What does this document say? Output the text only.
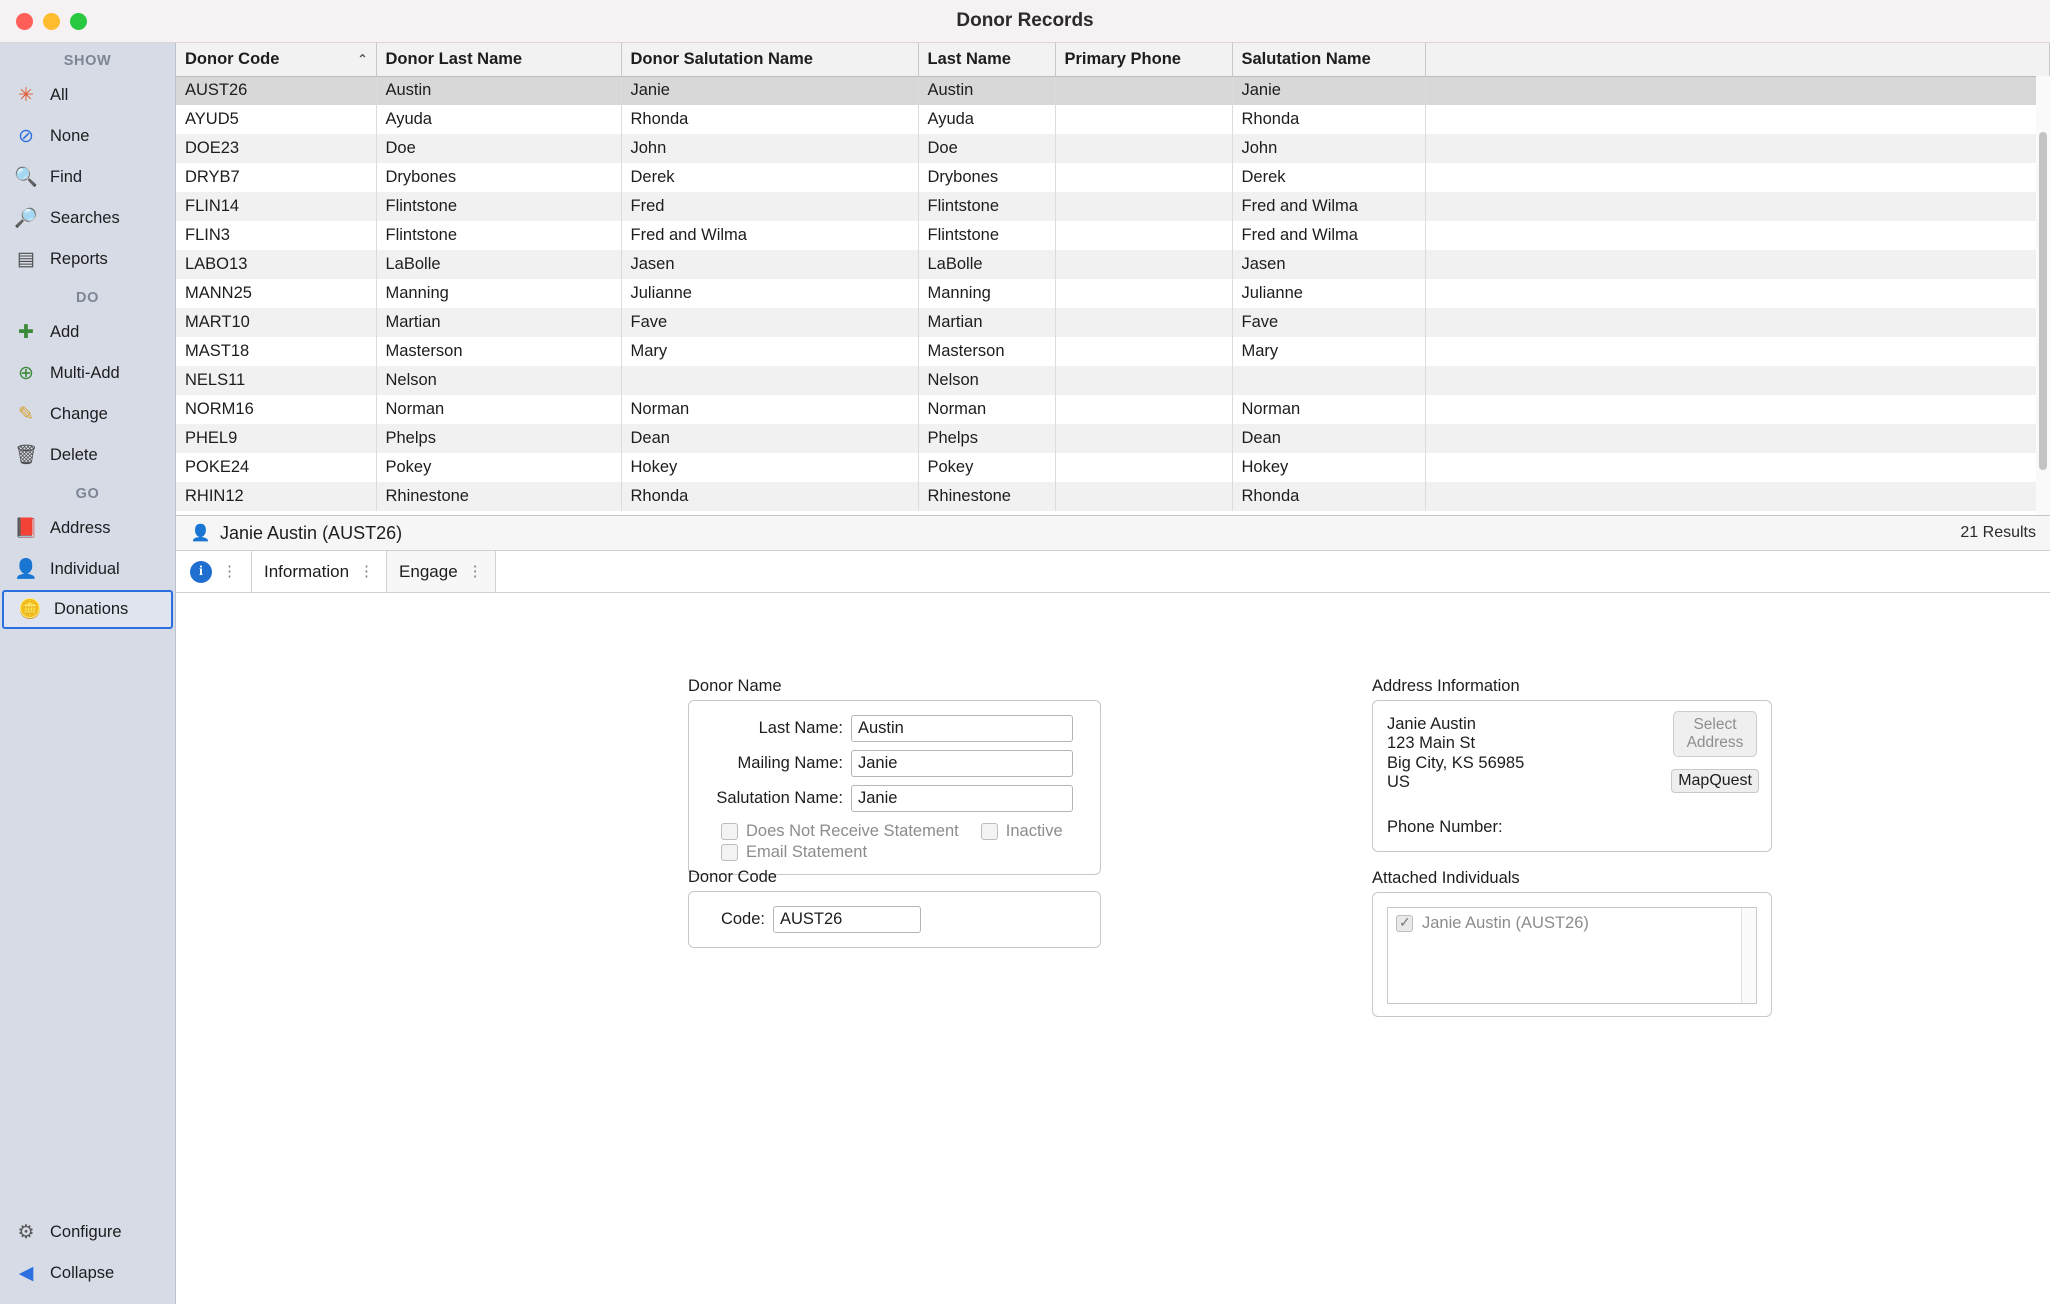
Donor Records
SHOW
✳ All
⊘ None
🔍 Find
🔎 Searches
▤ Reports
DO
✚ Add
⊕ Multi-Add
✎ Change
🗑 Delete
GO
📕 Address
👤 Individual
🪙 Donations
⚙ Configure
◀ Collapse
Donor Code ⌃	Donor Last Name	Donor Salutation Name	Last Name	Primary Phone	Salutation Name	
AUST26	Austin	Janie	Austin		Janie	
AYUD5	Ayuda	Rhonda	Ayuda		Rhonda	
DOE23	Doe	John	Doe		John	
DRYB7	Drybones	Derek	Drybones		Derek	
FLIN14	Flintstone	Fred	Flintstone		Fred and Wilma	
FLIN3	Flintstone	Fred and Wilma	Flintstone		Fred and Wilma	
LABO13	LaBolle	Jasen	LaBolle		Jasen	
MANN25	Manning	Julianne	Manning		Julianne	
MART10	Martian	Fave	Martian		Fave	
MAST18	Masterson	Mary	Masterson		Mary	
NELS11	Nelson		Nelson			
NORM16	Norman	Norman	Norman		Norman	
PHEL9	Phelps	Dean	Phelps		Dean	
POKE24	Pokey	Hokey	Pokey		Hokey	
RHIN12	Rhinestone	Rhonda	Rhinestone		Rhonda	
👤 Janie Austin (AUST26)	21 Results
i	⋮ Information ⋮ Engage ⋮
Donor Name
Last Name:
Austin
Mailing Name:
Janie
Salutation Name:
Janie
Does Not Receive Statement	Inactive
Email Statement
Donor Code
Code:
AUST26
Address Information
Janie Austin
123 Main St
Big City, KS 56985
US
Phone Number:
Select Address
MapQuest
Attached Individuals
✓
Janie Austin (AUST26)
